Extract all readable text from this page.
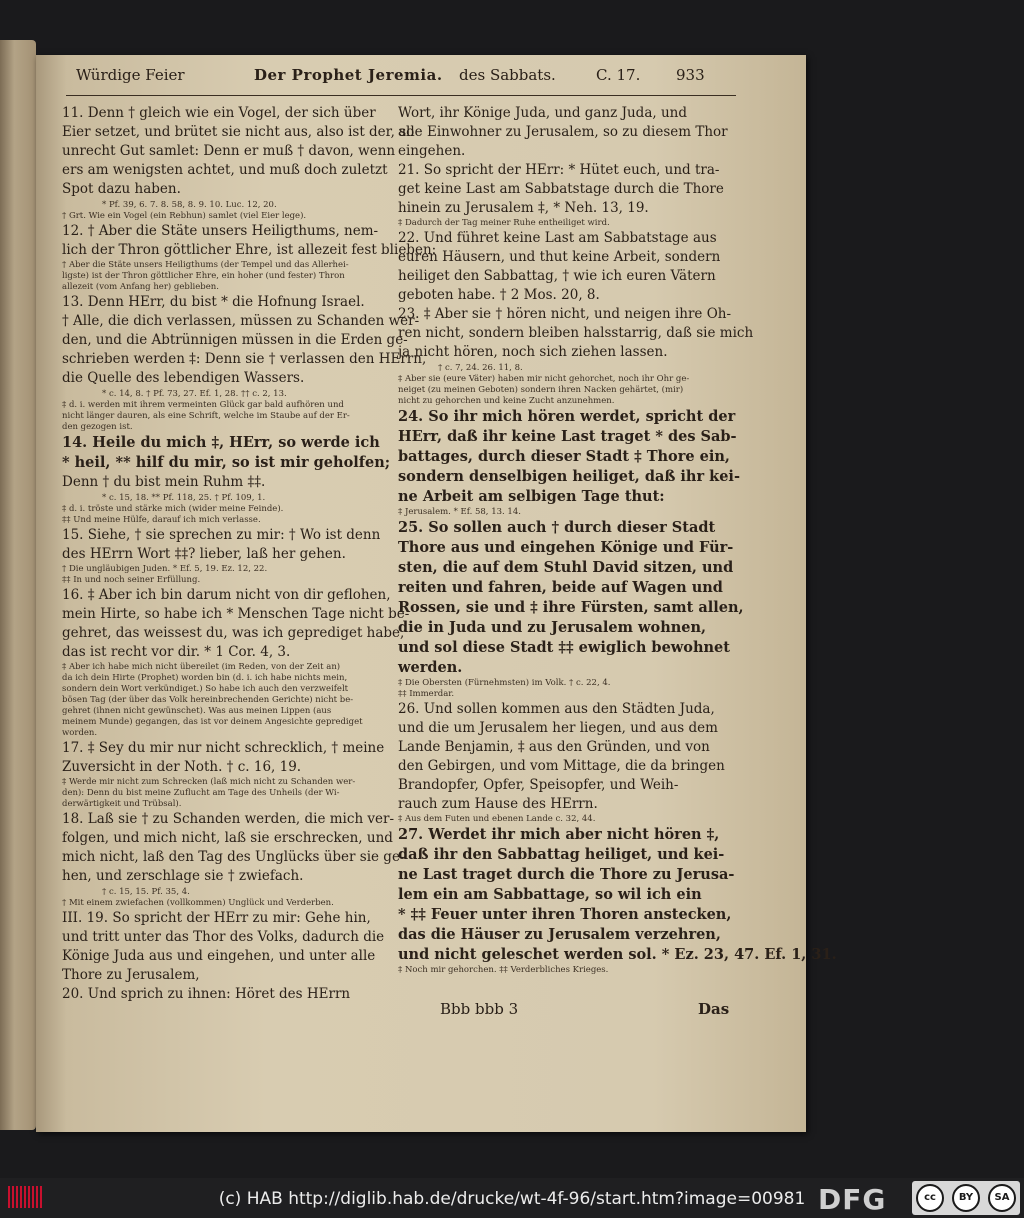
Würdige Feier	Der Prophet Jeremia. des Sabbats.	C. 17. 933

11. Denn † gleich wie ein Vogel, der sich über

Eier setzet, und brütet sie nicht aus, also ist der, so

unrecht Gut samlet: Denn er muß † davon, wenn

ers am wenigsten achtet, und muß doch zuletzt

Spot dazu haben.

* Pf. 39, 6. 7. 8. 58, 8. 9. 10. Luc. 12, 20.

† Grt. Wie ein Vogel (ein Rebhun) samlet (viel Eier lege).

12. † Aber die Stäte unsers Heiligthums, nem-

lich der Thron göttlicher Ehre, ist allezeit fest blieben:

† Aber die Stäte unsers Heiligthums (der Tempel und das Allerhei-

ligste) ist der Thron göttlicher Ehre, ein hoher (und fester) Thron

allezeit (vom Anfang her) geblieben.

13. Denn HErr, du bist * die Hofnung Israel.

† Alle, die dich verlassen, müssen zu Schanden wer-

den, und die Abtrünnigen müssen in die Erden ge-

schrieben werden ‡: Denn sie † verlassen den HErrn,

die Quelle des lebendigen Wassers.

* c. 14, 8. † Pf. 73, 27. Ef. 1, 28. †† c. 2, 13.

‡ d. i. werden mit ihrem vermeinten Glück gar bald aufhören und

nicht länger dauren, als eine Schrift, welche im Staube auf der Er-

den gezogen ist.

14. Heile du mich ‡, HErr, so werde ich

* heil, ** hilf du mir, so ist mir geholfen;

Denn † du bist mein Ruhm ‡‡.

* c. 15, 18. ** Pf. 118, 25. † Pf. 109, 1.

‡ d. i. tröste und stärke mich (wider meine Feinde).

‡‡ Und meine Hülfe, darauf ich mich verlasse.

15. Siehe, † sie sprechen zu mir: † Wo ist denn

des HErrn Wort ‡‡? lieber, laß her gehen.

† Die ungläubigen Juden. * Ef. 5, 19. Ez. 12, 22.

‡‡ In und noch seiner Erfüllung.

16. ‡ Aber ich bin darum nicht von dir geflohen,

mein Hirte, so habe ich * Menschen Tage nicht be-

gehret, das weissest du, was ich geprediget habe,

das ist recht vor dir. * 1 Cor. 4, 3.

‡ Aber ich habe mich nicht übereilet (im Reden, von der Zeit an)

da ich dein Hirte (Prophet) worden bin (d. i. ich habe nichts mein,

sondern dein Wort verkündiget.) So habe ich auch den verzweifelt

bösen Tag (der über das Volk hereinbrechenden Gerichte) nicht be-

gehret (ihnen nicht gewünschet). Was aus meinen Lippen (aus

meinem Munde) gegangen, das ist vor deinem Angesichte geprediget

worden.

17. ‡ Sey du mir nur nicht schrecklich, † meine

Zuversicht in der Noth. † c. 16, 19.

‡ Werde mir nicht zum Schrecken (laß mich nicht zu Schanden wer-

den): Denn du bist meine Zuflucht am Tage des Unheils (der Wi-

derwärtigkeit und Trübsal).

18. Laß sie † zu Schanden werden, die mich ver-

folgen, und mich nicht, laß sie erschrecken, und

mich nicht, laß den Tag des Unglücks über sie ge-

hen, und zerschlage sie † zwiefach.

† c. 15, 15. Pf. 35, 4.

† Mit einem zwiefachen (vollkommen) Unglück und Verderben.

III. 19. So spricht der HErr zu mir: Gehe hin,

und tritt unter das Thor des Volks, dadurch die

Könige Juda aus und eingehen, und unter alle

Thore zu Jerusalem,

20. Und sprich zu ihnen: Höret des HErrn

Wort, ihr Könige Juda, und ganz Juda, und

alle Einwohner zu Jerusalem, so zu diesem Thor

eingehen.

21. So spricht der HErr: * Hütet euch, und tra-

get keine Last am Sabbatstage durch die Thore

hinein zu Jerusalem ‡, * Neh. 13, 19.

‡ Dadurch der Tag meiner Ruhe entheiliget wird.

22. Und führet keine Last am Sabbatstage aus

euren Häusern, und thut keine Arbeit, sondern

heiliget den Sabbattag, † wie ich euren Vätern

geboten habe. † 2 Mos. 20, 8.

23. ‡ Aber sie † hören nicht, und neigen ihre Oh-

ren nicht, sondern bleiben halsstarrig, daß sie mich

ja nicht hören, noch sich ziehen lassen.

† c. 7, 24. 26. 11, 8.

‡ Aber sie (eure Väter) haben mir nicht gehorchet, noch ihr Ohr ge-

neiget (zu meinen Geboten) sondern ihren Nacken gehärtet, (mir)

nicht zu gehorchen und keine Zucht anzunehmen.

24. So ihr mich hören werdet, spricht der

HErr, daß ihr keine Last traget * des Sab-

battages, durch dieser Stadt ‡ Thore ein,

sondern denselbigen heiliget, daß ihr kei-

ne Arbeit am selbigen Tage thut:

‡ Jerusalem. * Ef. 58, 13. 14.

25. So sollen auch † durch dieser Stadt

Thore aus und eingehen Könige und Für-

sten, die auf dem Stuhl David sitzen, und

reiten und fahren, beide auf Wagen und

Rossen, sie und ‡ ihre Fürsten, samt allen,

die in Juda und zu Jerusalem wohnen,

und sol diese Stadt ‡‡ ewiglich bewohnet

werden.

‡ Die Obersten (Fürnehmsten) im Volk. † c. 22, 4.

‡‡ Immerdar.

26. Und sollen kommen aus den Städten Juda,

und die um Jerusalem her liegen, und aus dem

Lande Benjamin, ‡ aus den Gründen, und von

den Gebirgen, und vom Mittage, die da bringen

Brandopfer, Opfer, Speisopfer, und Weih-

rauch zum Hause des HErrn.

‡ Aus dem Futen und ebenen Lande c. 32, 44.

27. Werdet ihr mich aber nicht hören ‡,

daß ihr den Sabbattag heiliget, und kei-

ne Last traget durch die Thore zu Jerusa-

lem ein am Sabbattage, so wil ich ein

* ‡‡ Feuer unter ihren Thoren anstecken,

das die Häuser zu Jerusalem verzehren,

und nicht geleschet werden sol. * Ez. 23, 47. Ef. 1, 31.

‡ Noch mir gehorchen. ‡‡ Verderbliches Krieges.

Bbb bbb 3	Das
(c) HAB http://diglib.hab.de/drucke/wt-4f-96/start.htm?image=00981 DFG	cc	BY	SA
